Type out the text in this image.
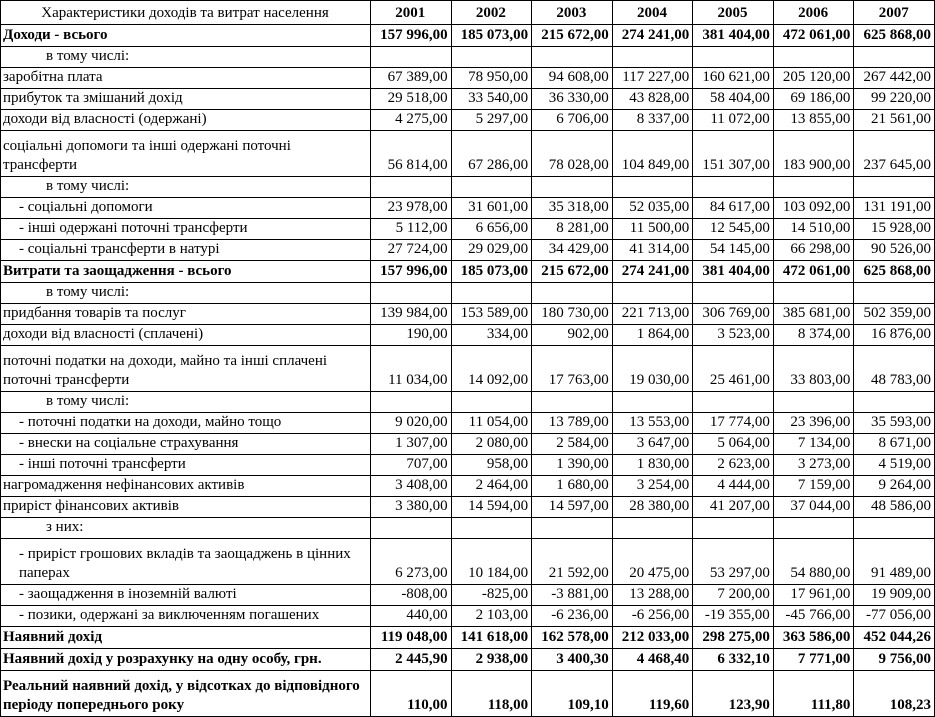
Характеристики доходів та витрат населення	2001	2002	2003	2004	2005	2006	2007
Доходи - всього	157 996,00	185 073,00	215 672,00	274 241,00	381 404,00	472 061,00	625 868,00
в тому числі:							
заробітна плата	67 389,00	78 950,00	94 608,00	117 227,00	160 621,00	205 120,00	267 442,00
прибуток та змішаний дохід	29 518,00	33 540,00	36 330,00	43 828,00	58 404,00	69 186,00	99 220,00
доходи від власності (одержані)	4 275,00	5 297,00	6 706,00	8 337,00	11 072,00	13 855,00	21 561,00
соціальні допомоги та інші одержані поточні трансферти	56 814,00	67 286,00	78 028,00	104 849,00	151 307,00	183 900,00	237 645,00
в тому числі:							
- соціальні допомоги	23 978,00	31 601,00	35 318,00	52 035,00	84 617,00	103 092,00	131 191,00
- інші одержані поточні трансферти	5 112,00	6 656,00	8 281,00	11 500,00	12 545,00	14 510,00	15 928,00
- соціальні трансферти в натурі	27 724,00	29 029,00	34 429,00	41 314,00	54 145,00	66 298,00	90 526,00
Витрати та заощадження - всього	157 996,00	185 073,00	215 672,00	274 241,00	381 404,00	472 061,00	625 868,00
в тому числі:							
придбання товарів та послуг	139 984,00	153 589,00	180 730,00	221 713,00	306 769,00	385 681,00	502 359,00
доходи від власності (сплачені)	190,00	334,00	902,00	1 864,00	3 523,00	8 374,00	16 876,00
поточні податки на доходи, майно та інші сплачені поточні трансферти	11 034,00	14 092,00	17 763,00	19 030,00	25 461,00	33 803,00	48 783,00
в тому числі:							
- поточні податки на доходи, майно тощо	9 020,00	11 054,00	13 789,00	13 553,00	17 774,00	23 396,00	35 593,00
- внески на соціальне страхування	1 307,00	2 080,00	2 584,00	3 647,00	5 064,00	7 134,00	8 671,00
- інші поточні трансферти	707,00	958,00	1 390,00	1 830,00	2 623,00	3 273,00	4 519,00
нагромадження нефінансових активів	3 408,00	2 464,00	1 680,00	3 254,00	4 444,00	7 159,00	9 264,00
приріст фінансових активів	3 380,00	14 594,00	14 597,00	28 380,00	41 207,00	37 044,00	48 586,00
з них:							
- приріст грошових вкладів та заощаджень в цінних паперах	6 273,00	10 184,00	21 592,00	20 475,00	53 297,00	54 880,00	91 489,00
- заощадження в іноземній валюті	-808,00	-825,00	-3 881,00	13 288,00	7 200,00	17 961,00	19 909,00
- позики, одержані за виключенням погашених	440,00	2 103,00	-6 236,00	-6 256,00	-19 355,00	-45 766,00	-77 056,00
Наявний дохід	119 048,00	141 618,00	162 578,00	212 033,00	298 275,00	363 586,00	452 044,26
Наявний дохід у розрахунку на одну особу, грн.	2 445,90	2 938,00	3 400,30	4 468,40	6 332,10	7 771,00	9 756,00
Реальний наявний дохід, у відсотках до відповідного періоду попереднього року	110,00	118,00	109,10	119,60	123,90	111,80	108,23
